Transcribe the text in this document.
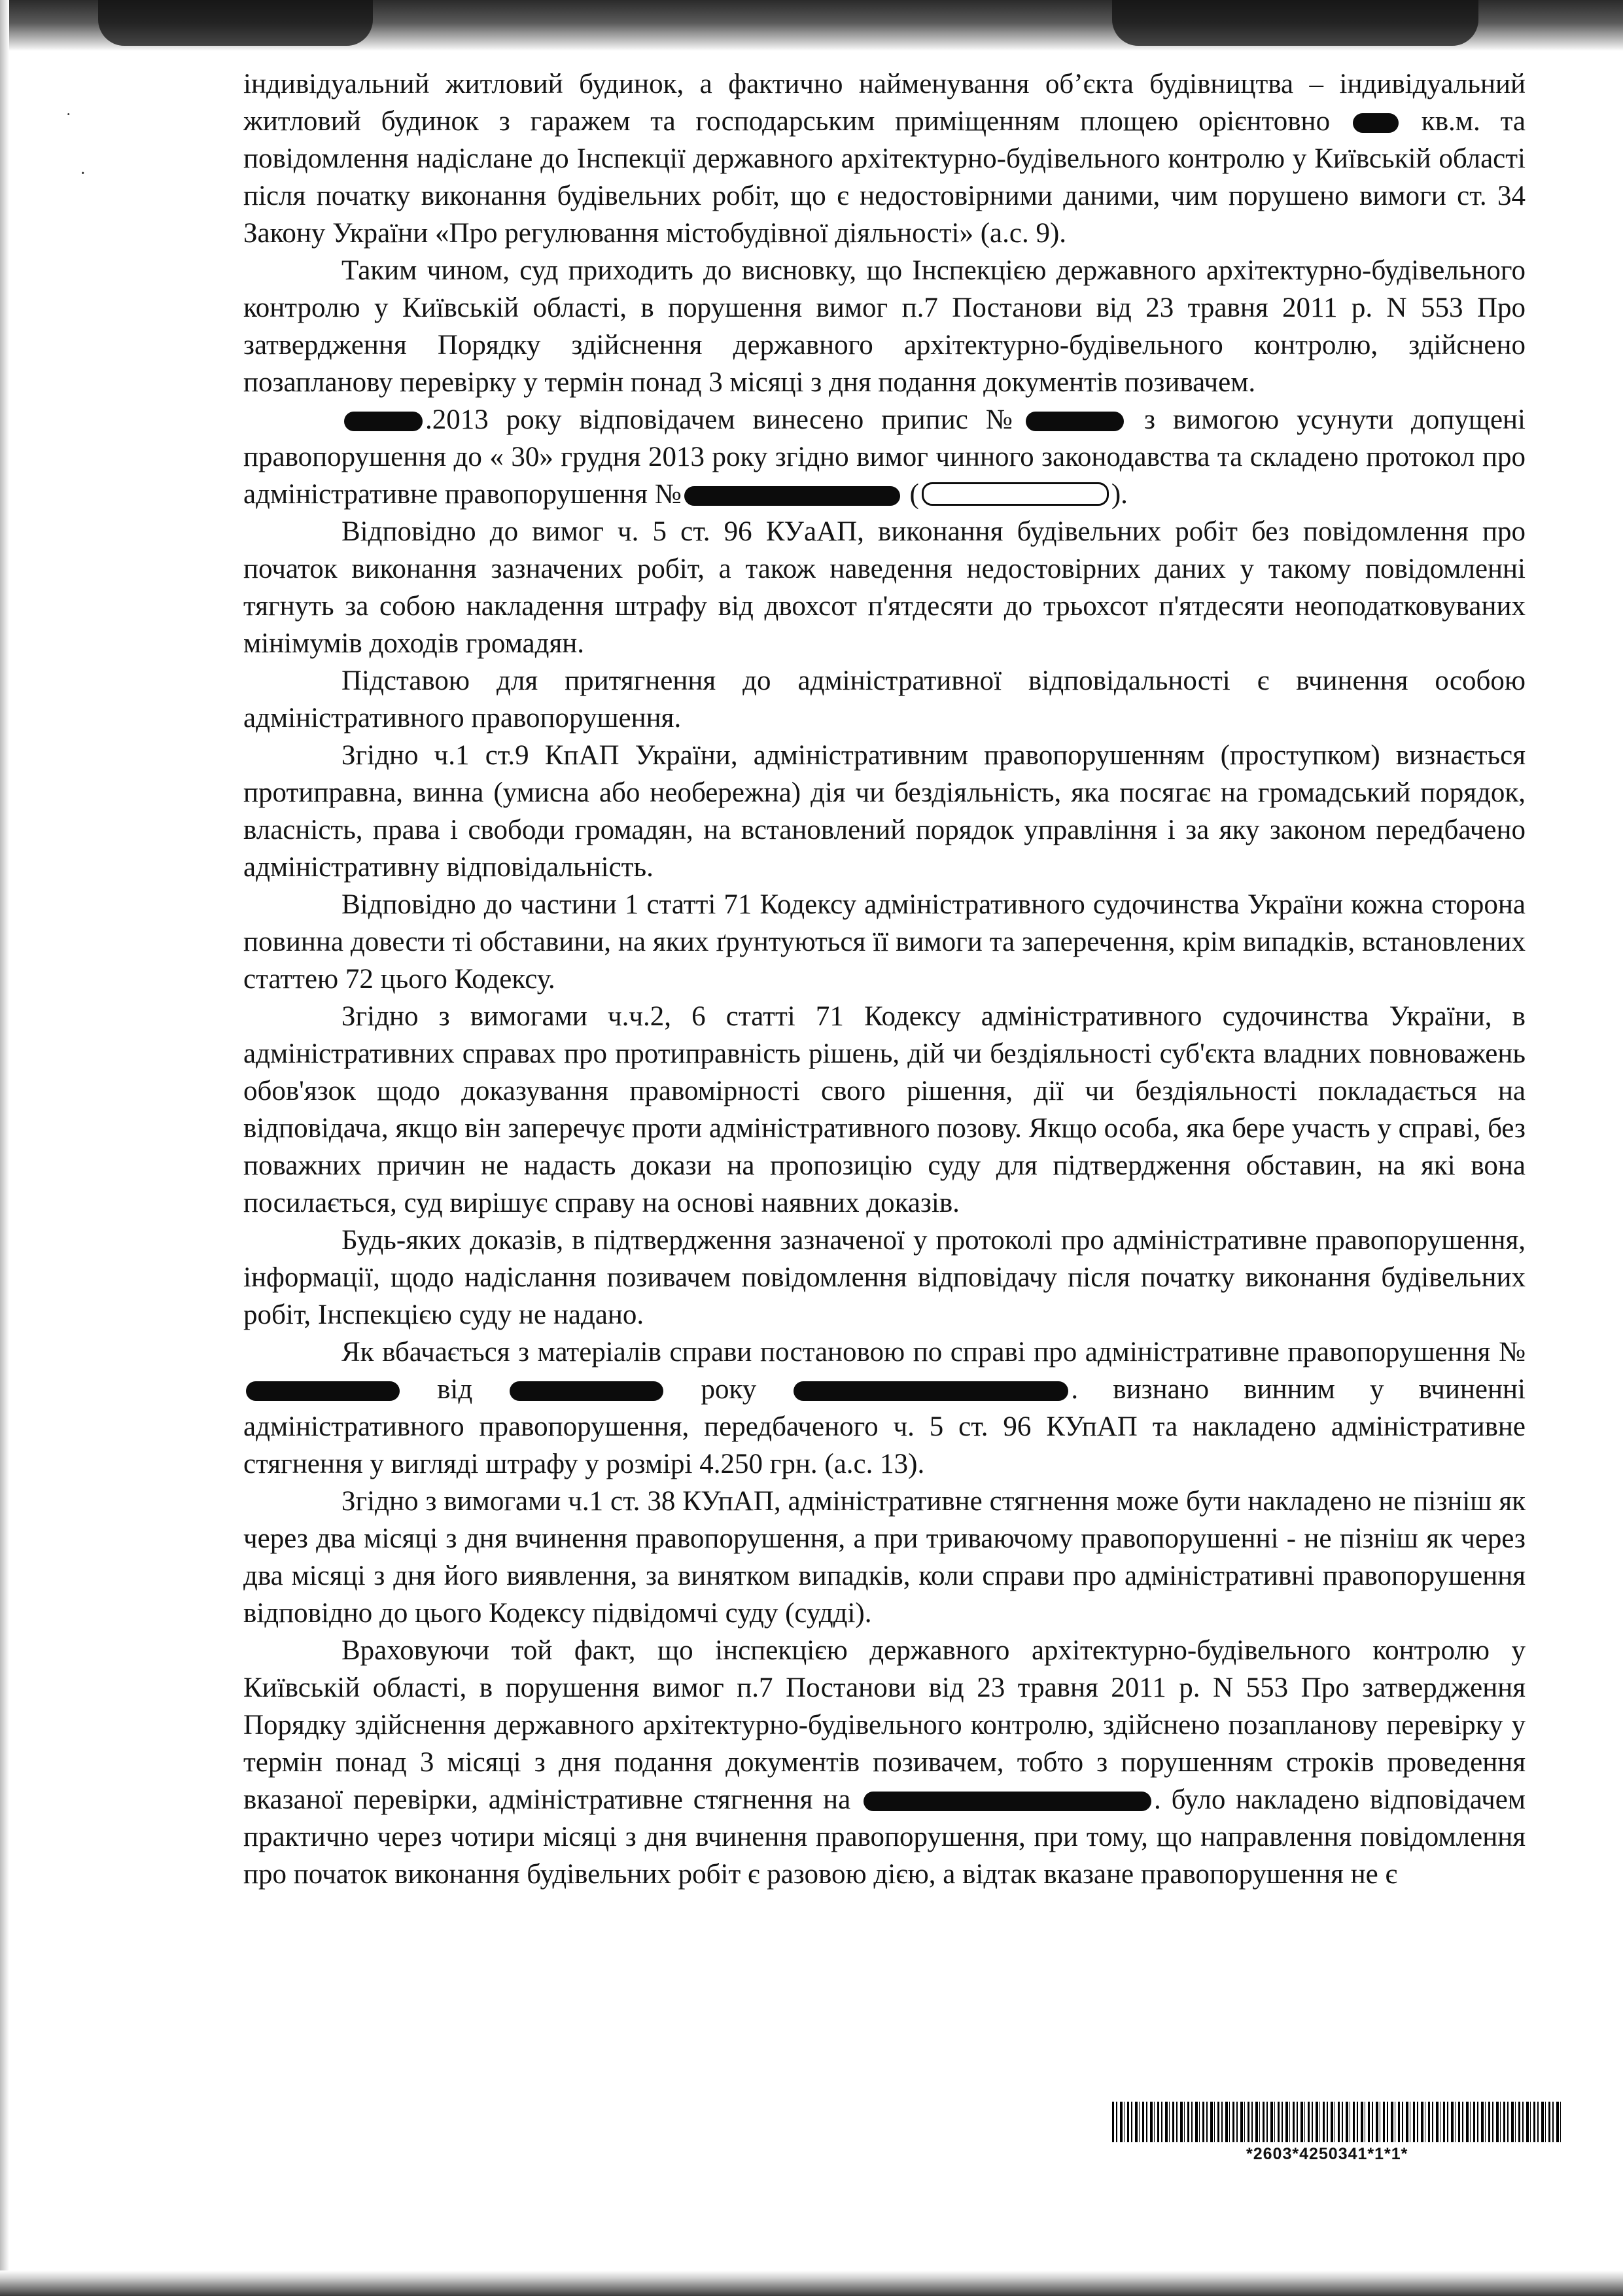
˙
·

індивідуальний житловий будинок, а фактично найменування об’єкта будівництва – індивідуальний житловий будинок з гаражем та господарським приміщенням площею орієнтовно  кв.м. та повідомлення надіслане до Інспекції державного архітектурно-будівельного контролю у Київській області після початку виконання будівельних робіт, що є недостовірними даними, чим порушено вимоги ст. 34 Закону України «Про регулювання містобудівної діяльності» (а.с. 9).

Таким чином, суд приходить до висновку, що Інспекцією державного архітектурно-будівельного контролю у Київській області, в порушення вимог п.7 Постанови від 23 травня 2011 р. N 553 Про затвердження Порядку здійснення державного архітектурно-будівельного контролю, здійснено позапланову перевірку у термін понад 3 місяці з дня подання документів позивачем.

.2013 року відповідачем винесено припис №	з вимогою усунути допущені правопорушення до « 30» грудня 2013 року згідно вимог чинного законодавства та складено протокол про адміністративне правопорушення №	(	).

Відповідно до вимог ч. 5 ст. 96 КУаАП, виконання будівельних робіт без повідомлення про початок виконання зазначених робіт, а також наведення недостовірних даних у такому повідомленні тягнуть за собою накладення штрафу від двохсот п'ятдесяти до трьохсот п'ятдесяти неоподатковуваних мінімумів доходів громадян.

Підставою для притягнення до адміністративної відповідальності є вчинення особою адміністративного правопорушення.

Згідно ч.1 ст.9 КпАП України, адміністративним правопорушенням (проступком) визнається протиправна, винна (умисна або необережна) дія чи бездіяльність, яка посягає на громадський порядок, власність, права і свободи громадян, на встановлений порядок управління і за яку законом передбачено адміністративну відповідальність.

Відповідно до частини 1 статті 71 Кодексу адміністративного судочинства України кожна сторона повинна довести ті обставини, на яких ґрунтуються її вимоги та заперечення, крім випадків, встановлених статтею 72 цього Кодексу.

Згідно з вимогами ч.ч.2, 6 статті 71 Кодексу адміністративного судочинства України, в адміністративних справах про протиправність рішень, дій чи бездіяльності суб'єкта владних повноважень обов'язок щодо доказування правомірності свого рішення, дії чи бездіяльності покладається на відповідача, якщо він заперечує проти адміністративного позову. Якщо особа, яка бере участь у справі, без поважних причин не надасть докази на пропозицію суду для підтвердження обставин, на які вона посилається, суд вирішує справу на основі наявних доказів.

Будь-яких доказів, в підтвердження зазначеної у протоколі про адміністративне правопорушення, інформації, щодо надіслання позивачем повідомлення відповідачу після початку виконання будівельних робіт, Інспекцією суду не надано.

Як вбачається з матеріалів справи постановою по справі про адміністративне правопорушення №  від	року	. визнано винним у вчиненні адміністративного правопорушення, передбаченого ч. 5 ст. 96 КУпАП та накладено адміністративне стягнення у вигляді штрафу у розмірі 4.250 грн. (а.с. 13).

Згідно з вимогами ч.1 ст. 38 КУпАП, адміністративне стягнення може бути накладено не пізніш як через два місяці з дня вчинення правопорушення, а при триваючому правопорушенні - не пізніш як через два місяці з дня його виявлення, за винятком випадків, коли справи про адміністративні правопорушення відповідно до цього Кодексу підвідомчі суду (судді).

Враховуючи той факт, що інспекцією державного архітектурно-будівельного контролю у Київській області, в порушення вимог п.7 Постанови від 23 травня 2011 р. N 553 Про затвердження Порядку здійснення державного архітектурно-будівельного контролю, здійснено позапланову перевірку у термін понад 3 місяці з дня подання документів позивачем, тобто з порушенням строків проведення вказаної перевірки, адміністративне стягнення на	. було накладено відповідачем практично через чотири місяці з дня вчинення правопорушення, при тому, що направлення повідомлення про початок виконання будівельних робіт є разовою дією, а відтак вказане правопорушення не є

*2603*4250341*1*1*
